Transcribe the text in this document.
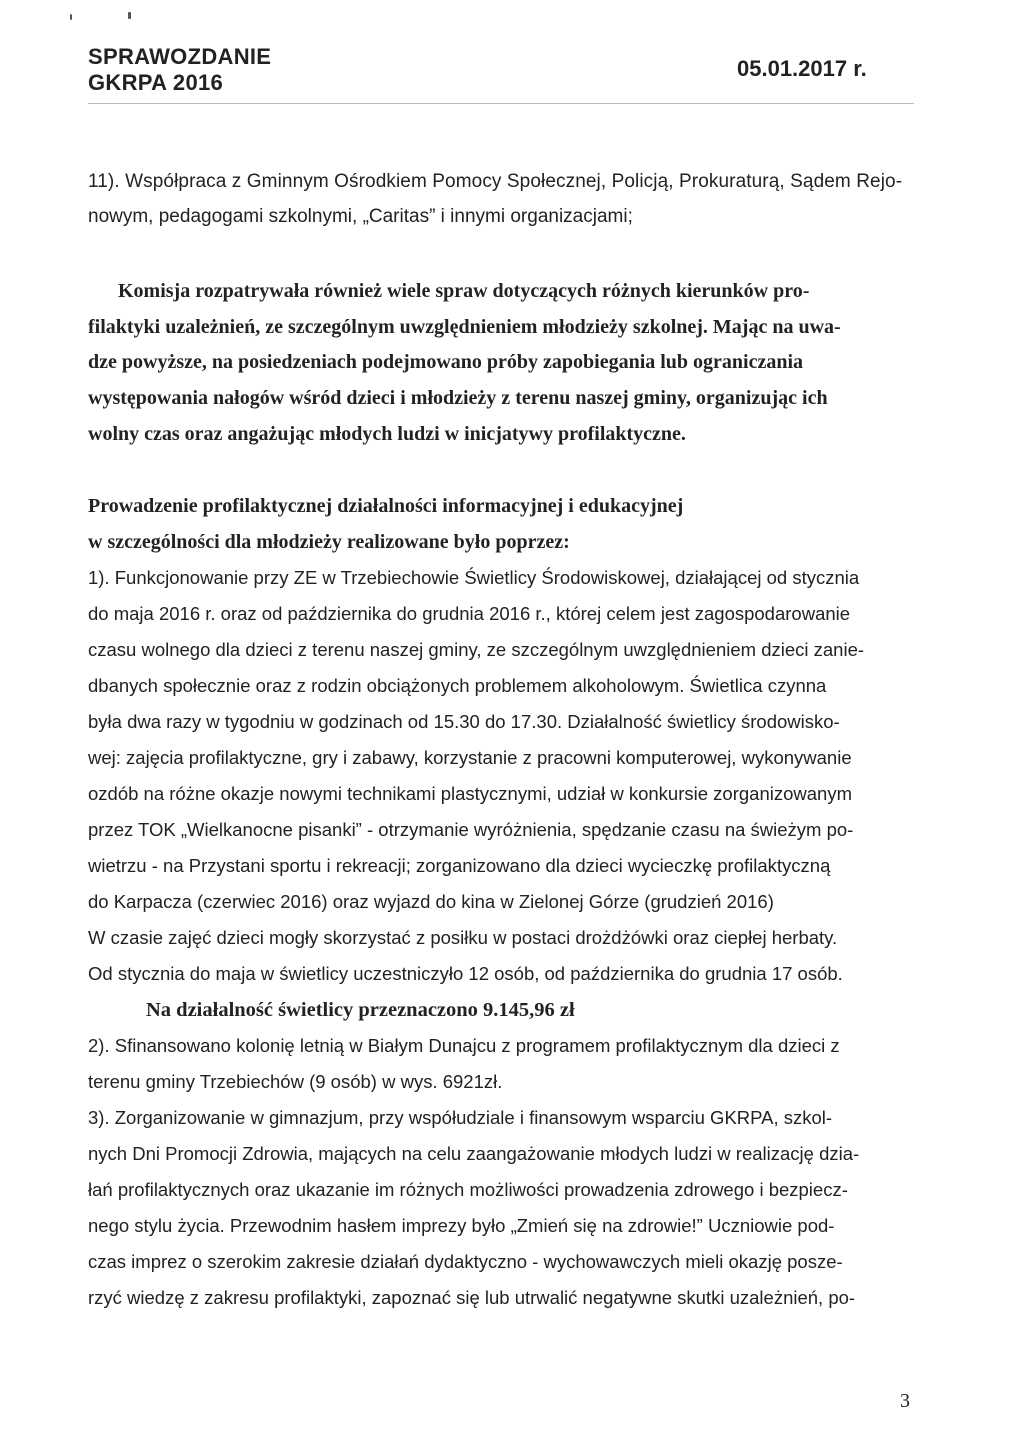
SPRAWOZDANIE
GKRPA 2016
05.01.2017 r.
11). Współpraca z Gminnym Ośrodkiem Pomocy Społecznej, Policją, Prokuraturą, Sądem Rejo-
nowym, pedagogami szkolnymi, „Caritas” i innymi organizacjami;
Komisja rozpatrywała również wiele spraw dotyczących różnych kierunków pro-
filaktyki uzależnień, ze szczególnym uwzględnieniem młodzieży szkolnej. Mając na uwa-
dze powyższe, na posiedzeniach podejmowano próby zapobiegania lub ograniczania
występowania nałogów wśród dzieci i młodzieży z terenu naszej gminy, organizując ich
wolny czas oraz angażując młodych ludzi w inicjatywy profilaktyczne.
Prowadzenie profilaktycznej działalności informacyjnej i edukacyjnej
w szczególności dla młodzieży realizowane było poprzez:
1). Funkcjonowanie przy ZE w Trzebiechowie Świetlicy Środowiskowej, działającej od stycznia
do maja 2016 r. oraz od października do grudnia 2016 r., której celem jest zagospodarowanie
czasu wolnego dla dzieci z terenu naszej gminy, ze szczególnym uwzględnieniem dzieci zanie-
dbanych społecznie oraz z rodzin obciążonych problemem alkoholowym. Świetlica czynna
była dwa razy w tygodniu w godzinach od 15.30 do 17.30. Działalność świetlicy środowisko-
wej: zajęcia profilaktyczne, gry i zabawy, korzystanie z pracowni komputerowej, wykonywanie
ozdób na różne okazje nowymi technikami plastycznymi, udział w konkursie zorganizowanym
przez TOK „Wielkanocne pisanki” - otrzymanie wyróżnienia, spędzanie czasu na świeżym po-
wietrzu - na Przystani sportu i rekreacji; zorganizowano dla dzieci wycieczkę profilaktyczną
do Karpacza (czerwiec 2016) oraz wyjazd do kina w Zielonej Górze (grudzień 2016)
W czasie zajęć dzieci mogły skorzystać z posiłku w postaci drożdżówki oraz ciepłej herbaty.
Od stycznia do maja w świetlicy uczestniczyło 12 osób, od października do grudnia 17 osób.
Na działalność świetlicy przeznaczono 9.145,96 zł
2). Sfinansowano kolonię letnią w Białym Dunajcu z programem profilaktycznym dla dzieci z
terenu gminy Trzebiechów (9 osób) w wys. 6921zł.
3). Zorganizowanie w gimnazjum, przy współudziale i finansowym wsparciu GKRPA, szkol-
nych Dni Promocji Zdrowia, mających na celu zaangażowanie młodych ludzi w realizację dzia-
łań profilaktycznych oraz ukazanie im różnych możliwości prowadzenia zdrowego i bezpiecz-
nego stylu życia. Przewodnim hasłem imprezy było „Zmień się na zdrowie!” Uczniowie pod-
czas imprez o szerokim zakresie działań dydaktyczno - wychowawczych mieli okazję posze-
rzyć wiedzę z zakresu profilaktyki, zapoznać się lub utrwalić negatywne skutki uzależnień, po-
3
